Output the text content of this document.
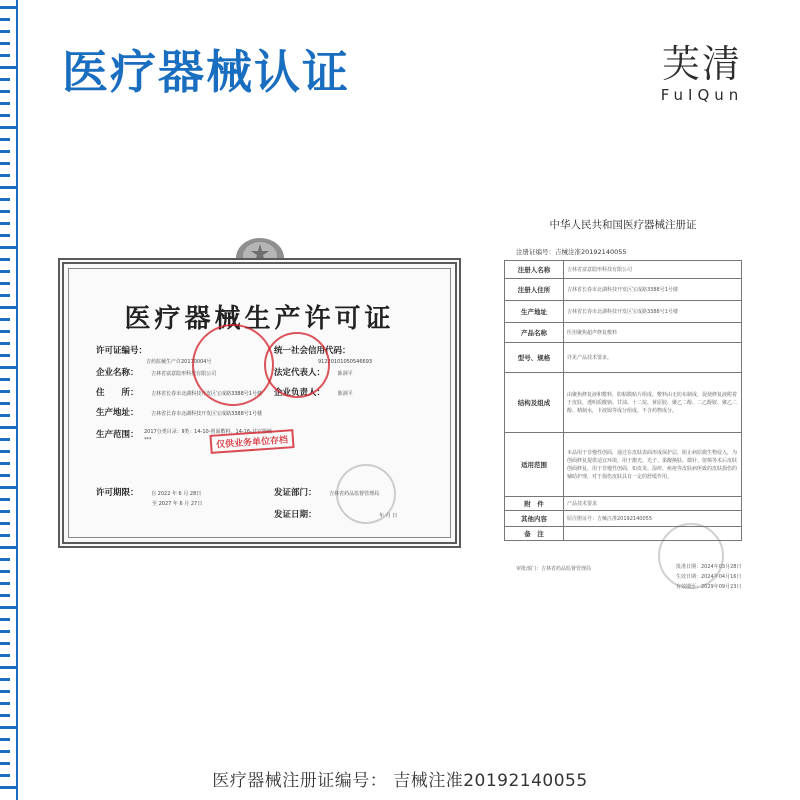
医疗器械认证	芙清
FuIQun
医疗器械生产许可证
许可证编号：
吉药监械生产许20170004号
企业名称：	吉林省富意隐形科技有限公司
住　　所：	吉林省长春市北湖科技开发区宝成路3388号1号楼
生产地址：	吉林省长春市北湖科技开发区宝成路3388号1号楼
生产范围： 2017分类目录：Ⅱ类：14-10-创面敷料，14-16-其它器械***
统一社会信用代码：
91220101050546693
法定代表人：	陈洞平
企业负责人：	陈洞平
许可期限：	自 2022 年 6 月 28日
至 2027 年 6 月 27日
发证部门：	吉林省药品监督管理局
发证日期：	年 月 日
仅供业务单位存档
中华人民共和国医疗器械注册证
注册证编号：吉械注准20192140055
注册人名称	吉林省富意隐形科技有限公司
注册人住所	吉林省长春市北湖科技开发区宝成路3388号1号楼
生产地址	吉林省长春市北湖科技开发区宝成路3388号1号楼
产品名称	医用聚焦超声修复敷料
型号、规格	详见产品技术要求。
结构及组成	由聚焦修复液和敷料，防粘膜贴片组成。敷料由无纺布制成，促使修复液附着于皮肤，透明质酸钠、甘油、十二烷、黄原胶、聚乙二醇、二乙醇胺、聚乙二醇、精制水，卡波姆等成分组成，不含药物成分。
适用范围	本品用于非慢性创面，通过在皮肤表面形成保护层，阻止病原微生物侵入，为创面修复提供适宜环境，用于激光、光子、果酸换肤、微针、射频等术后皮肤创面修复，用于非慢性创面，如皮炎、湿疹、痤疮等皮肤病所致的皮肤损伤的辅助护理，对于损伤皮肤具有一定的舒缓作用。
附　件	产品技术要求
其他内容	原注册证号：吉械注准20192140055
备　注	
审批部门：吉林省药品监督管理局	批准日期：2024年03月28日
生效日期：2024年04月16日
有效期至：2029年09月23日
医疗器械注册证编号： 吉械注准20192140055
